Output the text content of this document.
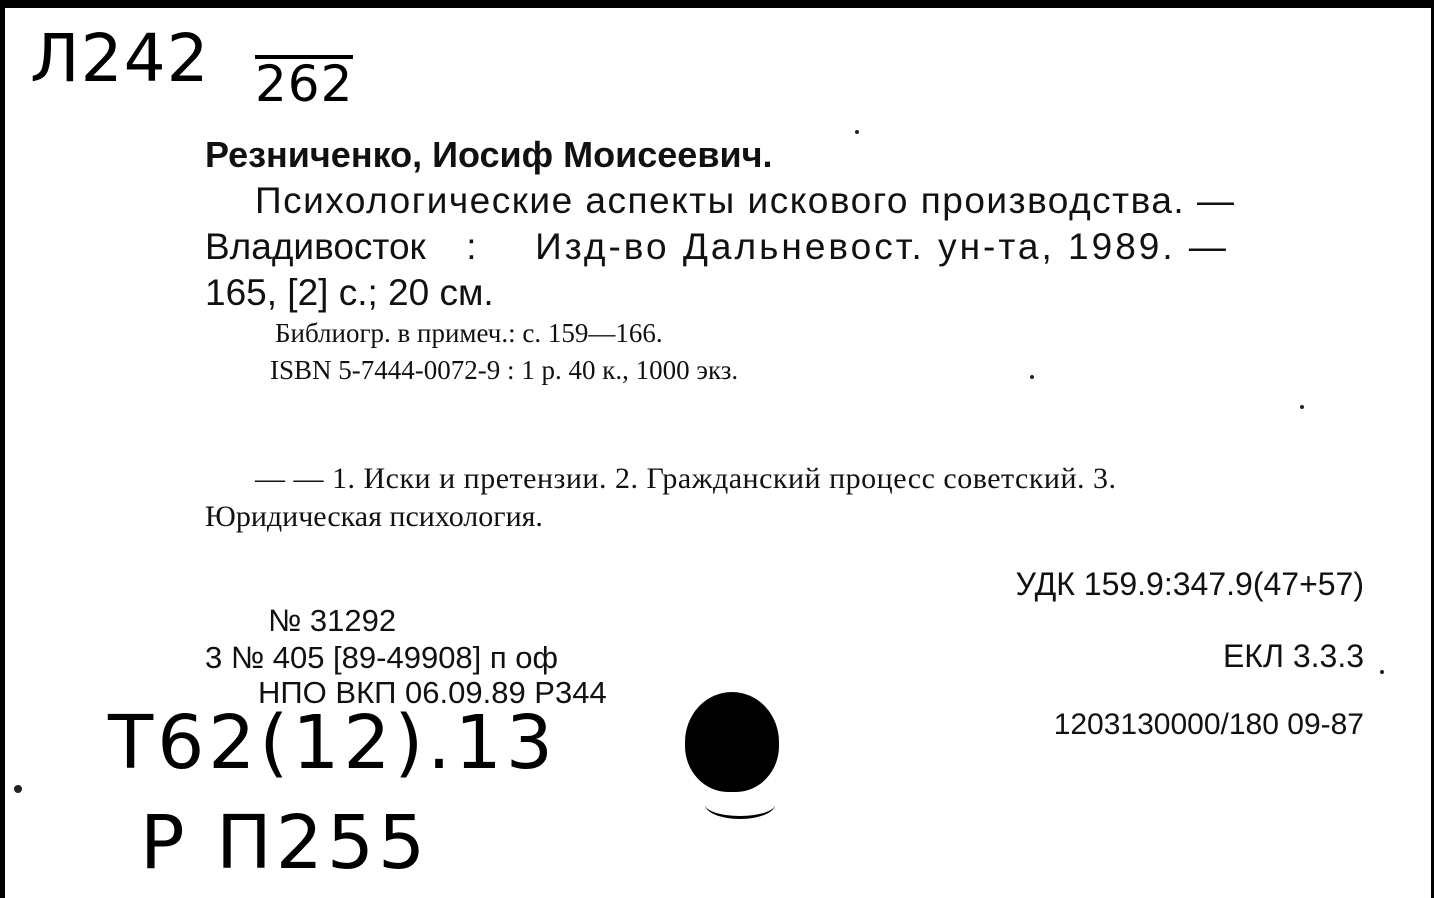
Л242 262
Резниченко, Иосиф Моисеевич.
Психологические аспекты искового производства. —
Владивосток : Изд-во Дальневост. ун-та, 1989. —
165, [2] с.; 20 см.
Библиогр. в примеч.: с. 159—166.
ISBN 5-7444-0072-9 : 1 р. 40 к., 1000 экз.
— — 1. Иски и претензии. 2. Гражданский процесс советский. 3.
Юридическая психология.
УДК 159.9:347.9(47+57)
ЕКЛ 3.3.3
1203130000/180 09-87
№ 31292
3 № 405 [89-49908] п оф
НПО ВКП 06.09.89 Р344
Т62(12).13
Р П255
